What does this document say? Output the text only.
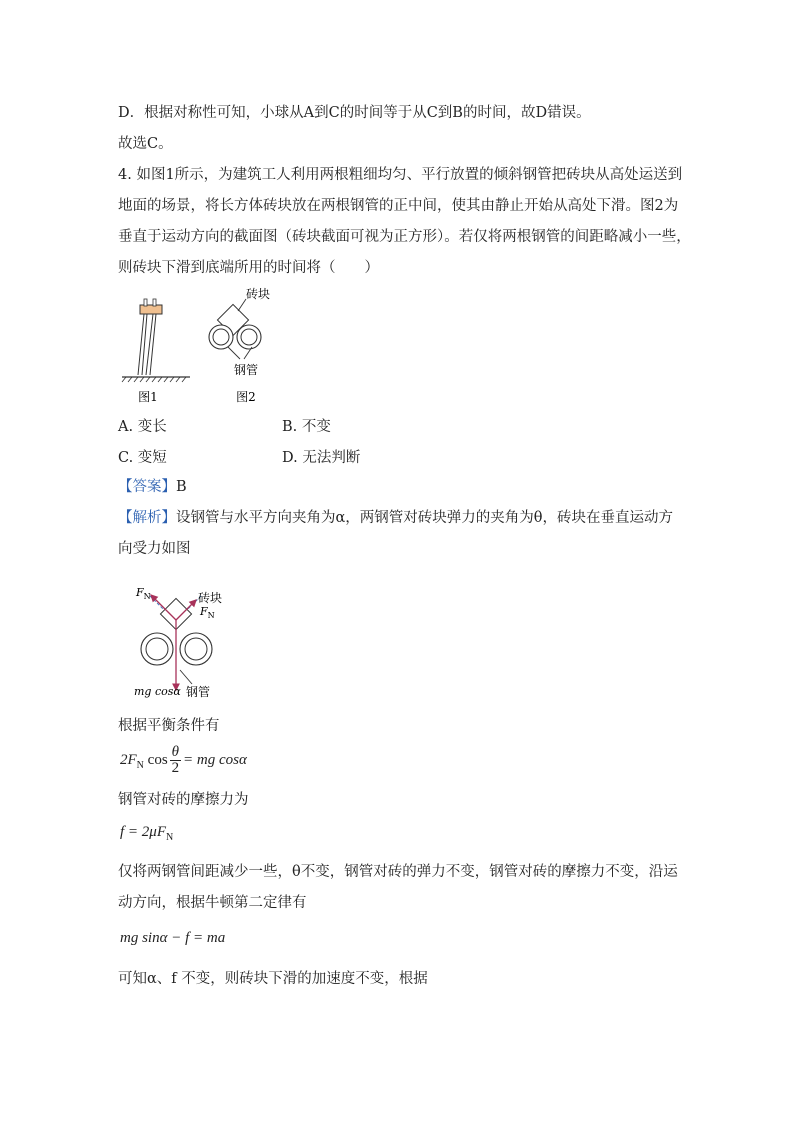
D．根据对称性可知，小球从A到C的时间等于从C到B的时间，故D错误。
故选C。
4. 如图1所示，为建筑工人利用两根粗细均匀、平行放置的倾斜钢管把砖块从高处运送到
地面的场景，将长方体砖块放在两根钢管的正中间，使其由静止开始从高处下滑。图2为
垂直于运动方向的截面图（砖块截面可视为正方形）。若仅将两根钢管的间距略减小一些，
则砖块下滑到底端所用的时间将（　　）
图1
砖块
钢管
图2
A. 变长	B. 不变
C. 变短	D. 无法判断
【答案】B
【解析】设钢管与水平方向夹角为α，两钢管对砖块弹力的夹角为θ，砖块在垂直运动方
向受力如图
$F_N$
$F_N$
砖块
mg cosα 钢管
根据平衡条件有
$2F_N$ $\cos \frac{\theta}{2}$ = mg cosα
钢管对砖的摩擦力为
$f = 2\mu F_N$
仅将两钢管间距减少一些，θ不变，钢管对砖的弹力不变，钢管对砖的摩擦力不变，沿运
动方向，根据牛顿第二定律有
mg sinα − f = ma
可知α、f 不变，则砖块下滑的加速度不变，根据
